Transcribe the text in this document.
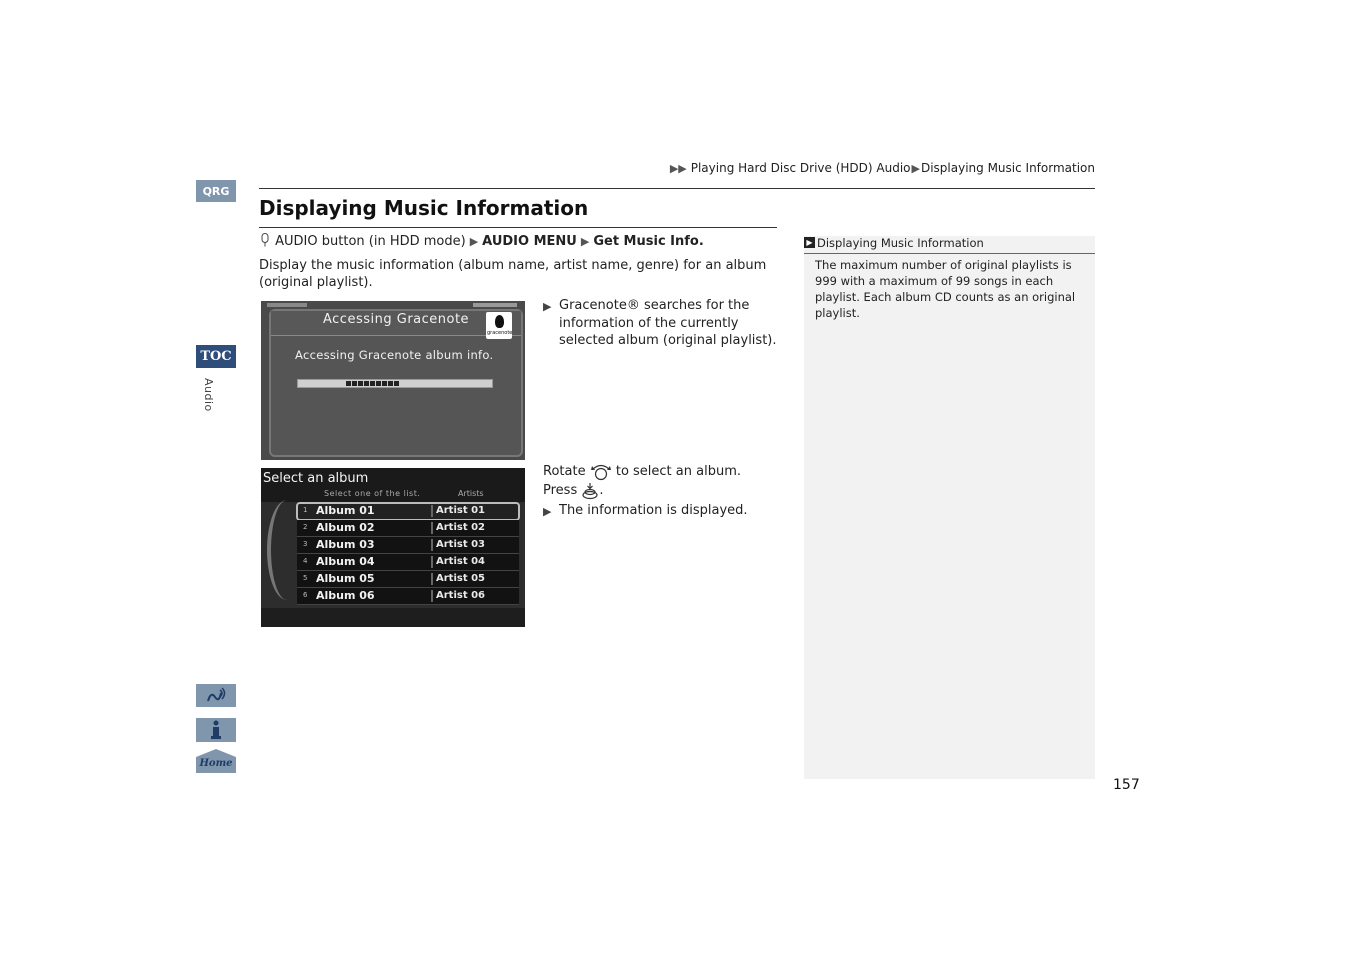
▶▶ Playing Hard Disc Drive (HDD) Audio▶Displaying Music Information
QRG
TOC
Audio
Home
Displaying Music Information
AUDIO button (in HDD mode) ▶ AUDIO MENU ▶ Get Music Info.
Display the music information (album name, artist name, genre) for an album (original playlist).
Accessing Gracenote
gracenote
Accessing Gracenote album info.
Select an album
Select one of the list.	Artists
1 Album 01	Artist 01
2 Album 02	Artist 02
3 Album 03	Artist 03
4 Album 04	Artist 04
5 Album 05	Artist 05
6 Album 06	Artist 06
▶ Gracenote® searches for the information of the currently selected album (original playlist).
Rotate to select an album.
Press .
▶ The information is displayed.
▶ Displaying Music Information
The maximum number of original playlists is 999 with a maximum of 99 songs in each playlist. Each album CD counts as an original playlist.
157
